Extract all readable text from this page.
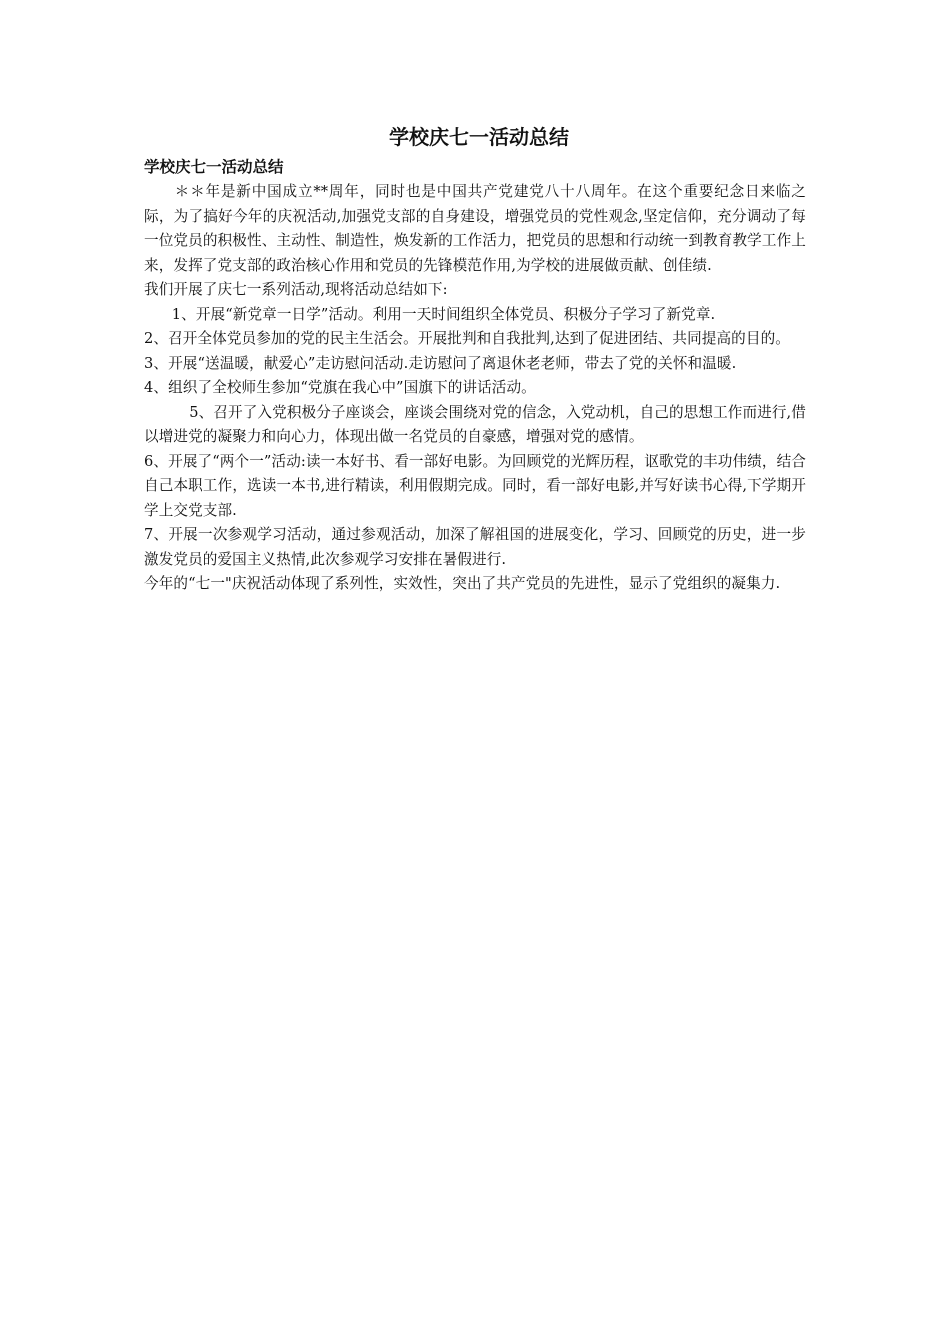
学校庆七一活动总结
学校庆七一活动总结

＊＊年是新中国成立**周年，同时也是中国共产党建党八十八周年。在这个重要纪念日来临之际，为了搞好今年的庆祝活动,加强党支部的自身建设，增强党员的党性观念,坚定信仰，充分调动了每一位党员的积极性、主动性、制造性，焕发新的工作活力，把党员的思想和行动统一到教育教学工作上来，发挥了党支部的政治核心作用和党员的先锋模范作用,为学校的进展做贡献、创佳绩.

我们开展了庆七一系列活动,现将活动总结如下:

1、开展“新党章一日学”活动。利用一天时间组织全体党员、积极分子学习了新党章.

2、召开全体党员参加的党的民主生活会。开展批判和自我批判,达到了促进团结、共同提高的目的。

3、开展“送温暖，献爱心”走访慰问活动.走访慰问了离退休老老师，带去了党的关怀和温暖.

4、组织了全校师生参加“党旗在我心中”国旗下的讲话活动。

5、召开了入党积极分子座谈会，座谈会围绕对党的信念，入党动机，自己的思想工作而进行,借以增进党的凝聚力和向心力，体现出做一名党员的自豪感，增强对党的感情。

6、开展了“两个一”活动:读一本好书、看一部好电影。为回顾党的光辉历程，讴歌党的丰功伟绩，结合自己本职工作，选读一本书,进行精读，利用假期完成。同时，看一部好电影,并写好读书心得,下学期开学上交党支部.

7、开展一次参观学习活动，通过参观活动，加深了解祖国的进展变化，学习、回顾党的历史，进一步激发党员的爱国主义热情,此次参观学习安排在暑假进行.

今年的“七一"庆祝活动体现了系列性，实效性，突出了共产党员的先进性，显示了党组织的凝集力.
